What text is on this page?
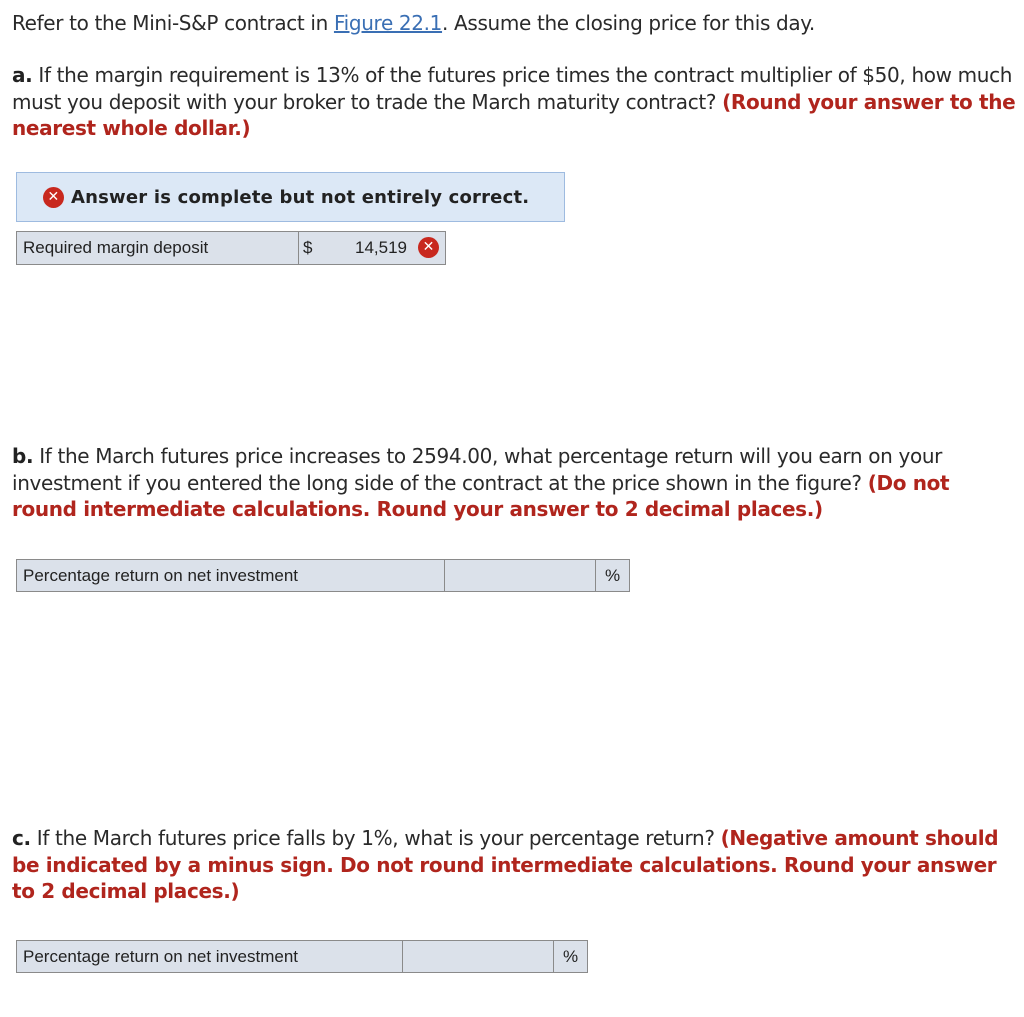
Refer to the Mini-S&P contract in Figure 22.1. Assume the closing price for this day.
a. If the margin requirement is 13% of the futures price times the contract multiplier of $50, how much must you deposit with your broker to trade the March maturity contract? (Round your answer to the nearest whole dollar.)
✕ Answer is complete but not entirely correct.
Required margin deposit	$	14,519	✕
b. If the March futures price increases to 2594.00, what percentage return will you earn on your investment if you entered the long side of the contract at the price shown in the figure? (Do not round intermediate calculations. Round your answer to 2 decimal places.)
Percentage return on net investment		%
c. If the March futures price falls by 1%, what is your percentage return? (Negative amount should be indicated by a minus sign. Do not round intermediate calculations. Round your answer to 2 decimal places.)
Percentage return on net investment		%
